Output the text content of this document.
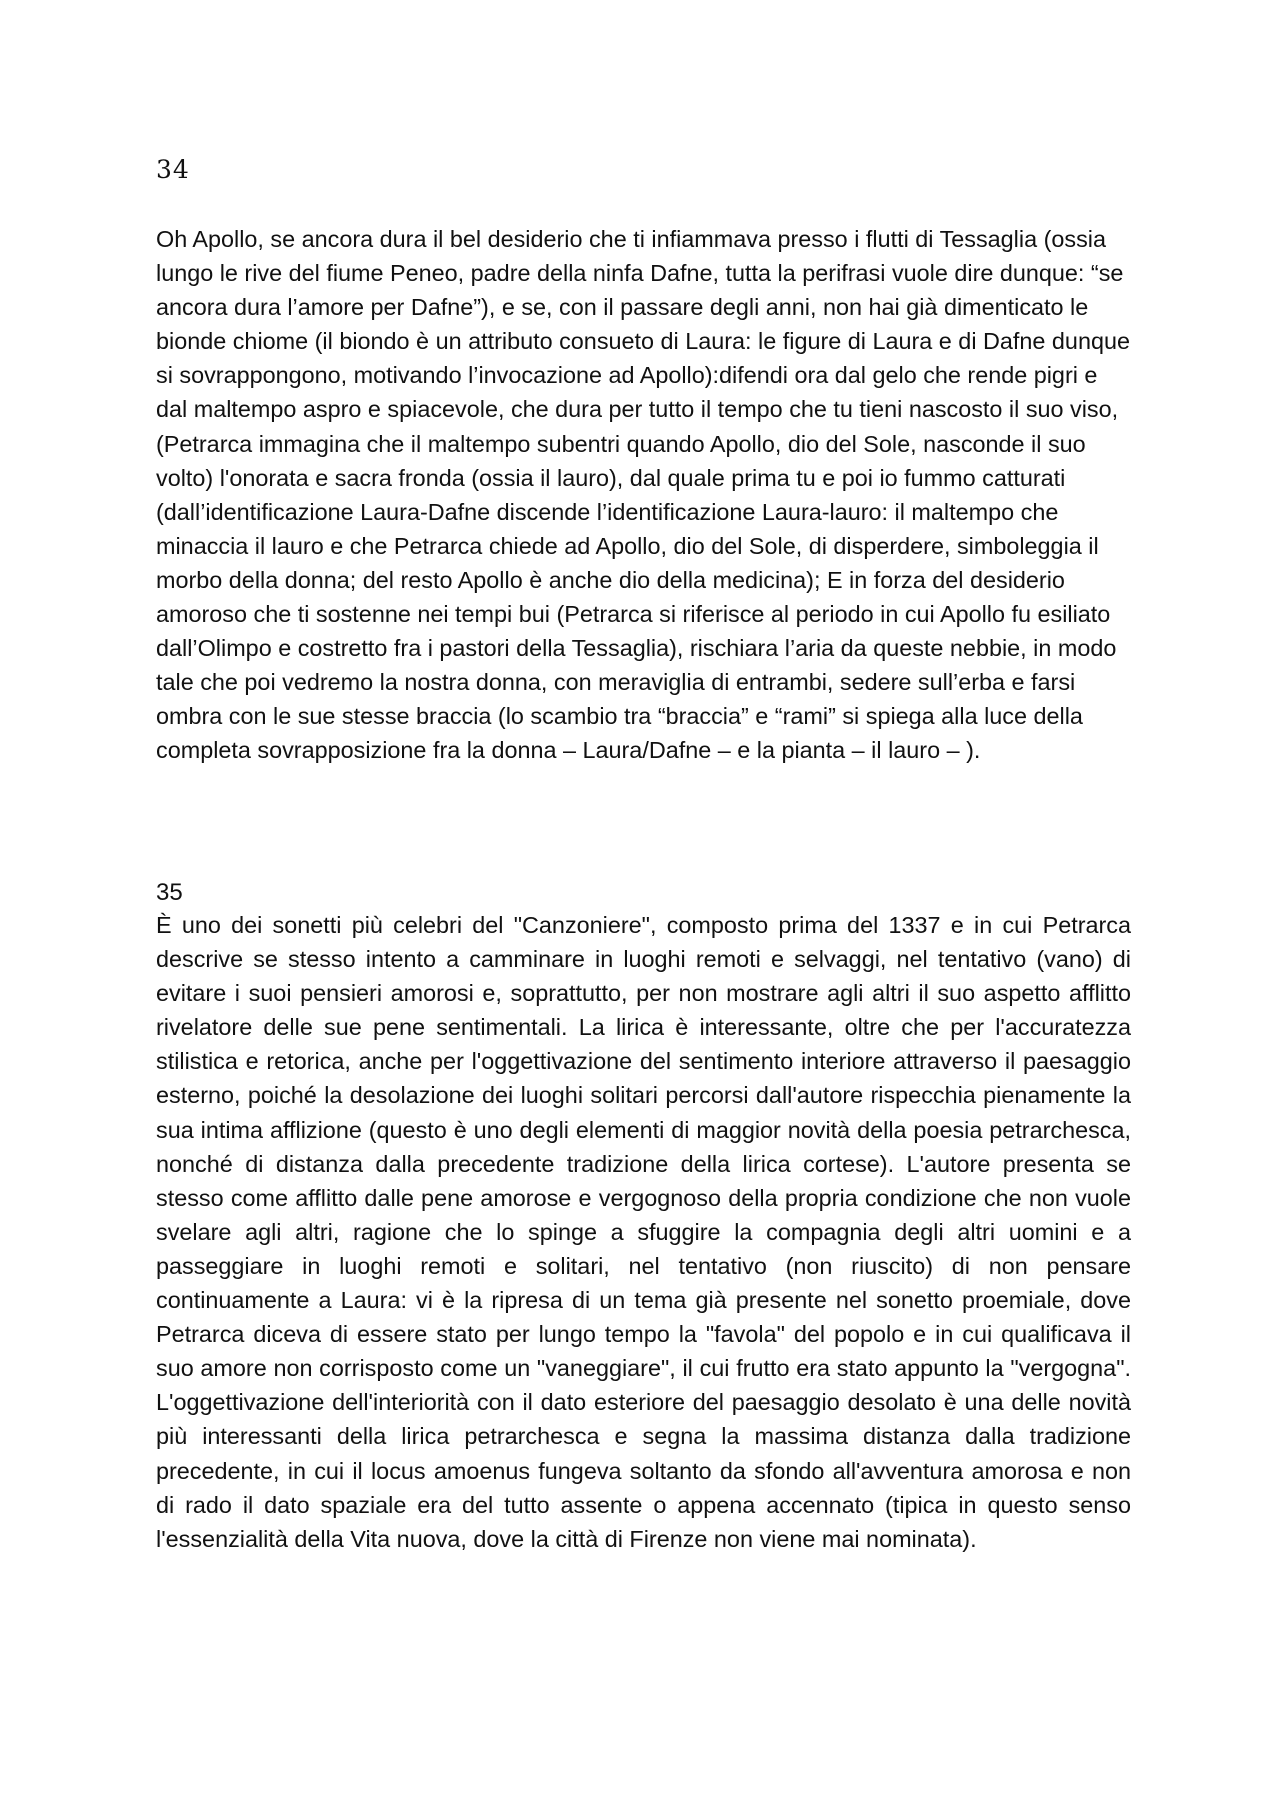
34

Oh Apollo, se ancora dura il bel desiderio che ti infiammava presso i flutti di Tessaglia (ossia lungo le rive del fiume Peneo, padre della ninfa Dafne, tutta la perifrasi vuole dire dunque: “se ancora dura l’amore per Dafne”), e se, con il passare degli anni, non hai già dimenticato le bionde chiome (il biondo è un attributo consueto di Laura: le figure di Laura e di Dafne dunque si sovrappongono, motivando l’invocazione ad Apollo):difendi ora dal gelo che rende pigri e dal maltempo aspro e spiacevole, che dura per tutto il tempo che tu tieni nascosto il suo viso, (Petrarca immagina che il maltempo subentri quando Apollo, dio del Sole, nasconde il suo volto) l'onorata e sacra fronda (ossia il lauro), dal quale prima tu e poi io fummo catturati (dall’identificazione Laura-Dafne discende l’identificazione Laura-lauro: il maltempo che minaccia il lauro e che Petrarca chiede ad Apollo, dio del Sole, di disperdere, simboleggia il morbo della donna; del resto Apollo è anche dio della medicina); E in forza del desiderio amoroso che ti sostenne nei tempi bui (Petrarca si riferisce al periodo in cui Apollo fu esiliato dall’Olimpo e costretto fra i pastori della Tessaglia), rischiara l’aria da queste nebbie, in modo tale che poi vedremo la nostra donna, con meraviglia di entrambi, sedere sull’erba e farsi ombra con le sue stesse braccia (lo scambio tra “braccia” e “rami” si spiega alla luce della completa sovrapposizione fra la donna – Laura/Dafne – e la pianta – il lauro – ).

35

È uno dei sonetti più celebri del "Canzoniere", composto prima del 1337 e in cui Petrarca descrive se stesso intento a camminare in luoghi remoti e selvaggi, nel tentativo (vano) di evitare i suoi pensieri amorosi e, soprattutto, per non mostrare agli altri il suo aspetto afflitto rivelatore delle sue pene sentimentali. La lirica è interessante, oltre che per l'accuratezza stilistica e retorica, anche per l'oggettivazione del sentimento interiore attraverso il paesaggio esterno, poiché la desolazione dei luoghi solitari percorsi dall'autore rispecchia pienamente la sua intima afflizione (questo è uno degli elementi di maggior novità della poesia petrarchesca, nonché di distanza dalla precedente tradizione della lirica cortese). L'autore presenta se stesso come afflitto dalle pene amorose e vergognoso della propria condizione che non vuole svelare agli altri, ragione che lo spinge a sfuggire la compagnia degli altri uomini e a passeggiare in luoghi remoti e solitari, nel tentativo (non riuscito) di non pensare continuamente a Laura: vi è la ripresa di un tema già presente nel sonetto proemiale, dove Petrarca diceva di essere stato per lungo tempo la "favola" del popolo e in cui qualificava il suo amore non corrisposto come un "vaneggiare", il cui frutto era stato appunto la "vergogna". L'oggettivazione dell'interiorità con il dato esteriore del paesaggio desolato è una delle novità più interessanti della lirica petrarchesca e segna la massima distanza dalla tradizione precedente, in cui il locus amoenus fungeva soltanto da sfondo all'avventura amorosa e non di rado il dato spaziale era del tutto assente o appena accennato (tipica in questo senso l'essenzialità della Vita nuova, dove la città di Firenze non viene mai nominata).
